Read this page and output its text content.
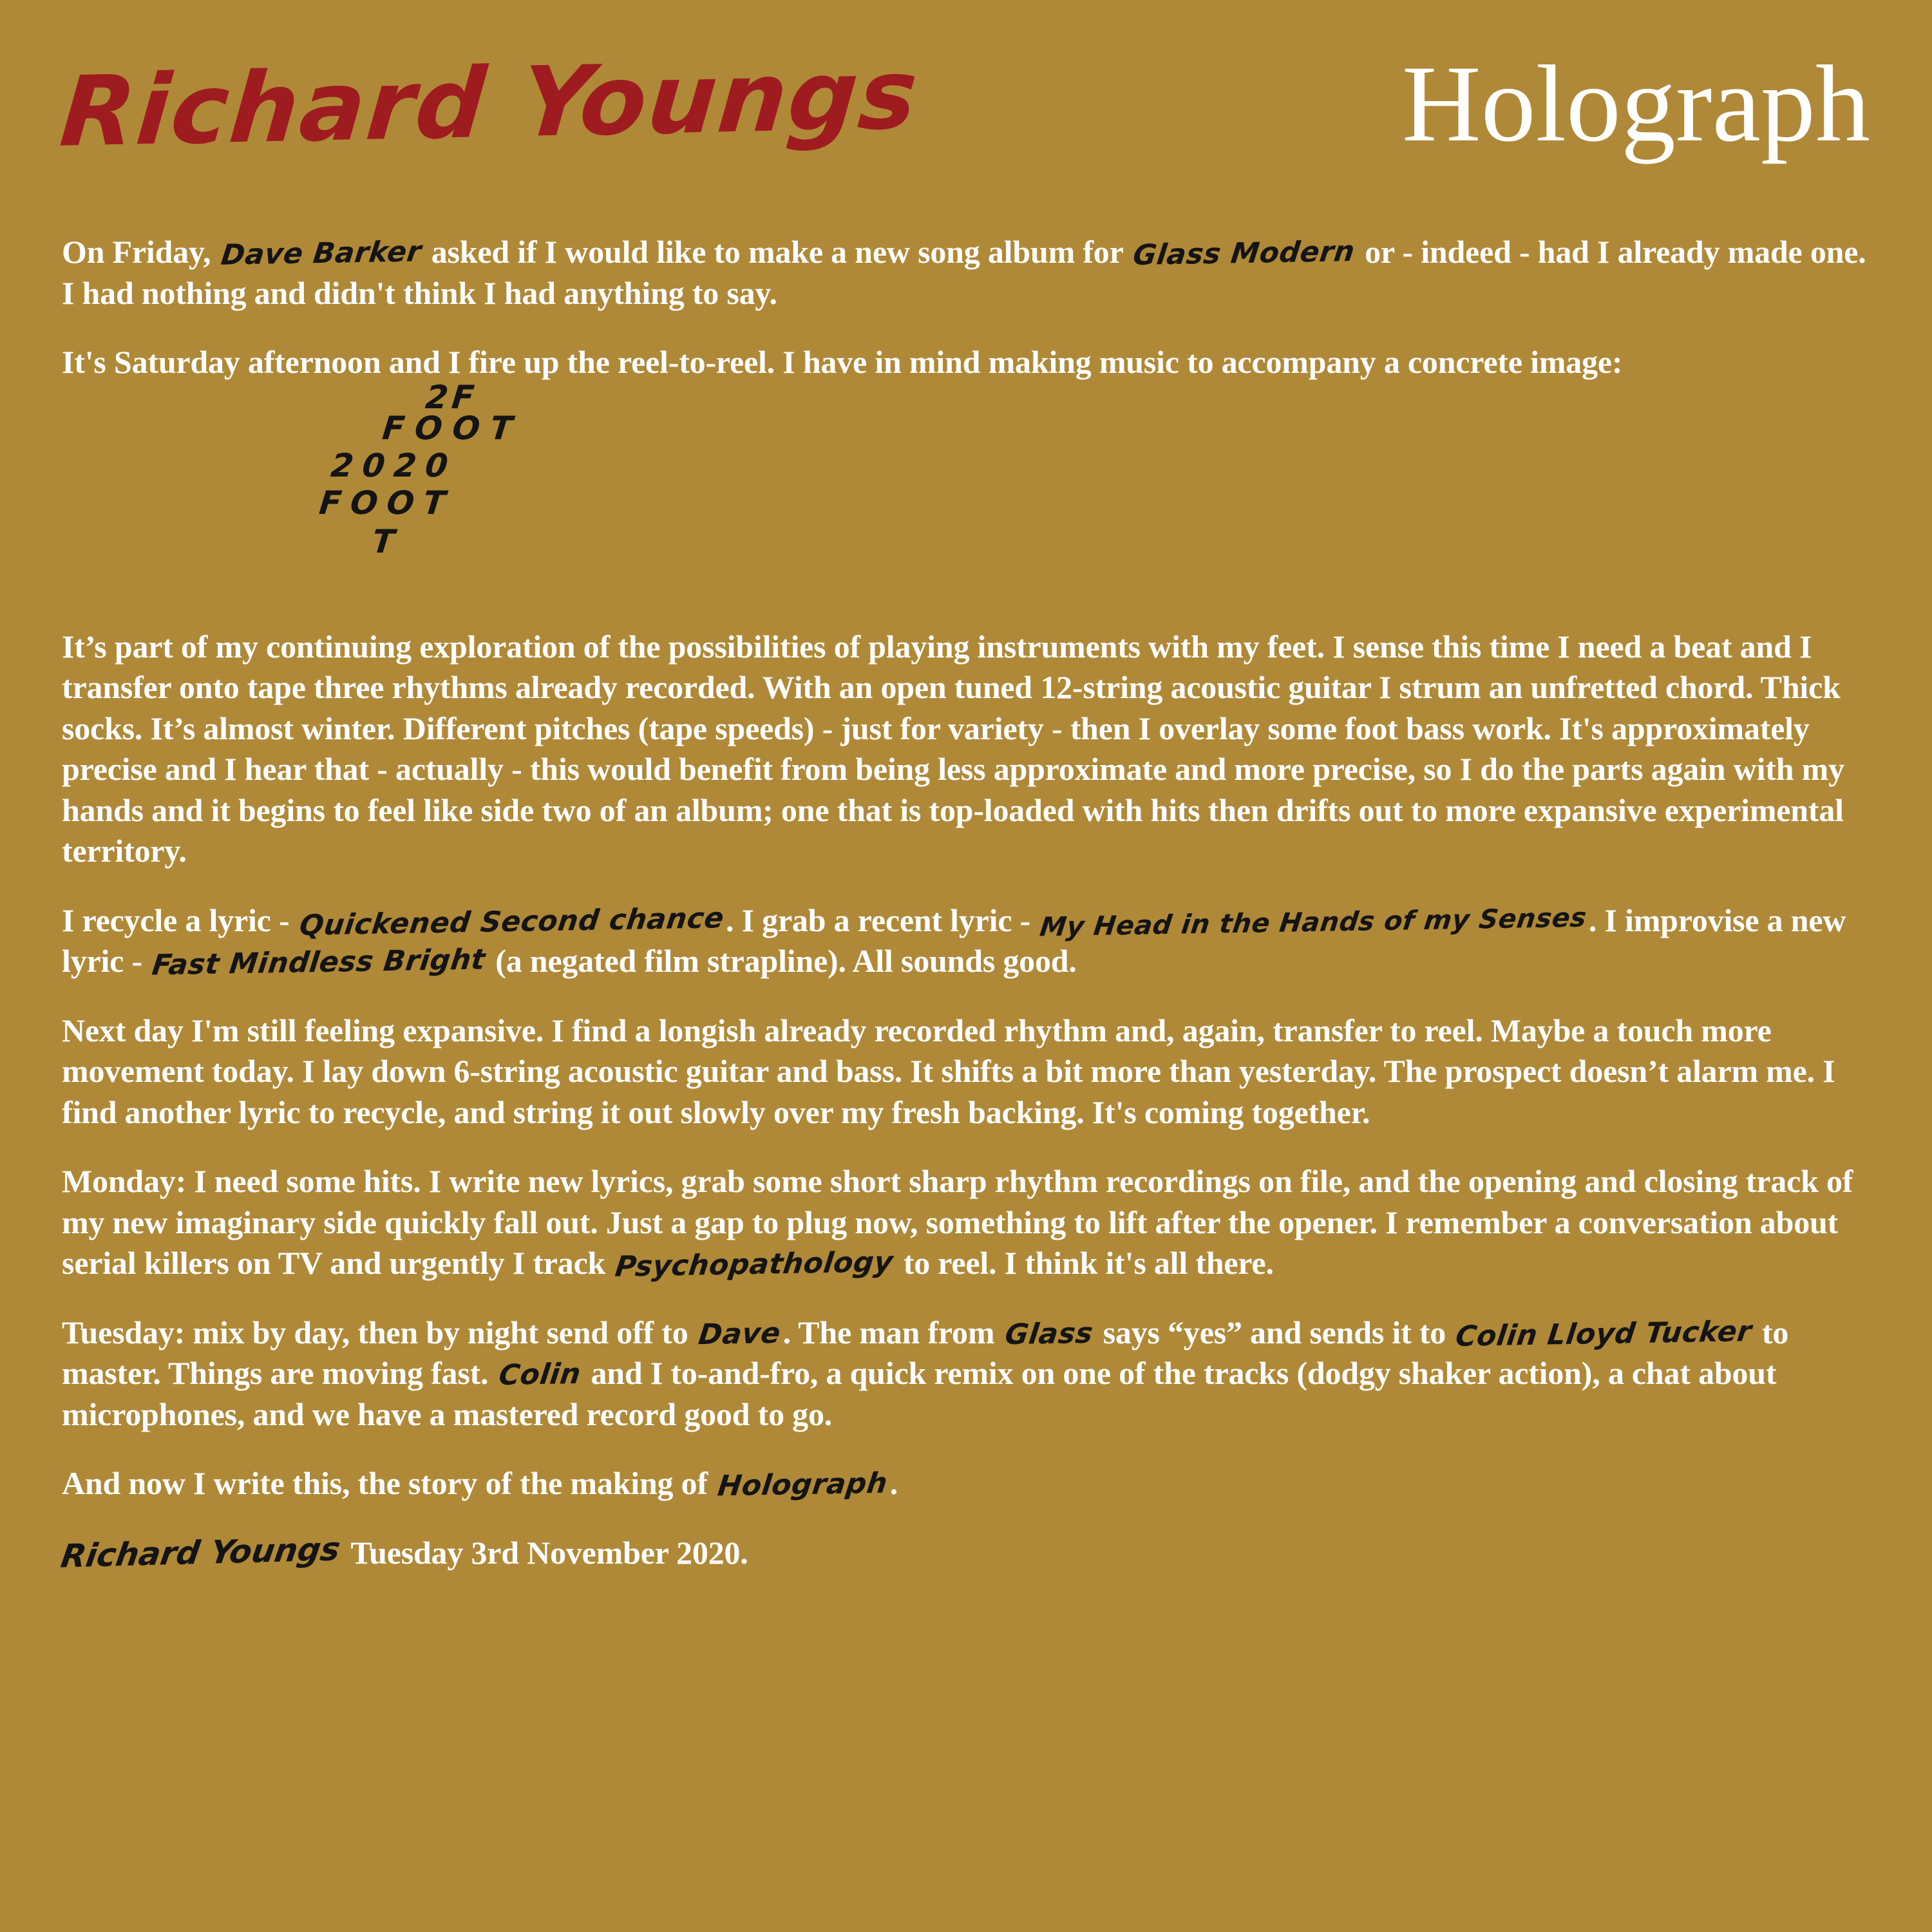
Richard Youngs	Holograph

On Friday, Dave Barker asked if I would like to make a new song album for Glass Modern or - indeed - had I already made one. I had nothing and didn't think I had anything to say.

It's Saturday afternoon and I fire up the reel-to-reel. I have in mind making music to accompany a concrete image:

2F
FOOT
2020
FOOT
T

It’s part of my continuing exploration of the possibilities of playing instruments with my feet. I sense this time I need a beat and I transfer onto tape three rhythms already recorded. With an open tuned 12-string acoustic guitar I strum an unfretted chord. Thick socks. It’s almost winter. Different pitches (tape speeds) - just for variety - then I overlay some foot bass work. It's approximately precise and I hear that - actually - this would benefit from being less approximate and more precise, so I do the parts again with my hands and it begins to feel like side two of an album; one that is top-loaded with hits then drifts out to more expansive experimental territory.

I recycle a lyric - Quickened Second chance. I grab a recent lyric - My Head in the Hands of my Senses. I improvise a new lyric - Fast Mindless Bright (a negated film strapline). All sounds good.

Next day I'm still feeling expansive. I find a longish already recorded rhythm and, again, transfer to reel. Maybe a touch more movement today. I lay down 6-string acoustic guitar and bass. It shifts a bit more than yesterday. The prospect doesn’t alarm me. I find another lyric to recycle, and string it out slowly over my fresh backing. It's coming together.

Monday: I need some hits. I write new lyrics, grab some short sharp rhythm recordings on file, and the opening and closing track of my new imaginary side quickly fall out. Just a gap to plug now, something to lift after the opener. I remember a conversation about serial killers on TV and urgently I track Psychopathology to reel. I think it's all there.

Tuesday: mix by day, then by night send off to Dave. The man from Glass says “yes” and sends it to Colin Lloyd Tucker to master. Things are moving fast. Colin and I to-and-fro, a quick remix on one of the tracks (dodgy shaker action), a chat about microphones, and we have a mastered record good to go.

And now I write this, the story of the making of Holograph.

Richard Youngs Tuesday 3rd November 2020.
